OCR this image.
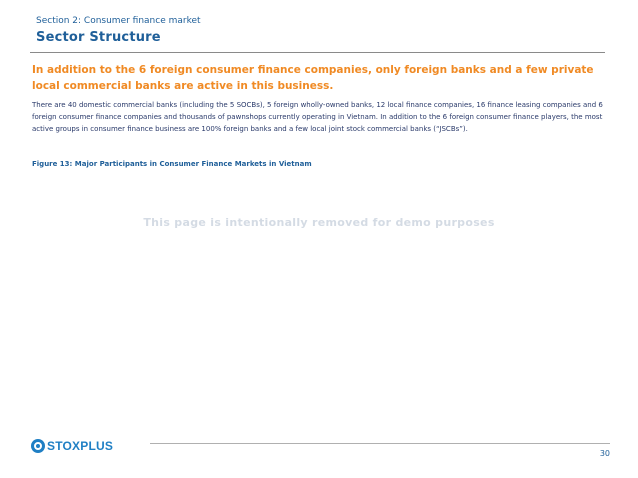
Section 2: Consumer finance market
Sector Structure
In addition to the 6 foreign consumer finance companies, only foreign banks and a few private local commercial banks are active in this business.
There are 40 domestic commercial banks (including the 5 SOCBs), 5 foreign wholly-owned banks, 12 local finance companies, 16 finance leasing companies and 6 foreign consumer finance companies and thousands of pawnshops currently operating in Vietnam. In addition to the 6 foreign consumer finance players, the most active groups in consumer finance business are 100% foreign banks and a few local joint stock commercial banks (“JSCBs”).
Figure 13: Major Participants in Consumer Finance Markets in Vietnam
This page is intentionally removed for demo purposes
STOXPLUS
30
